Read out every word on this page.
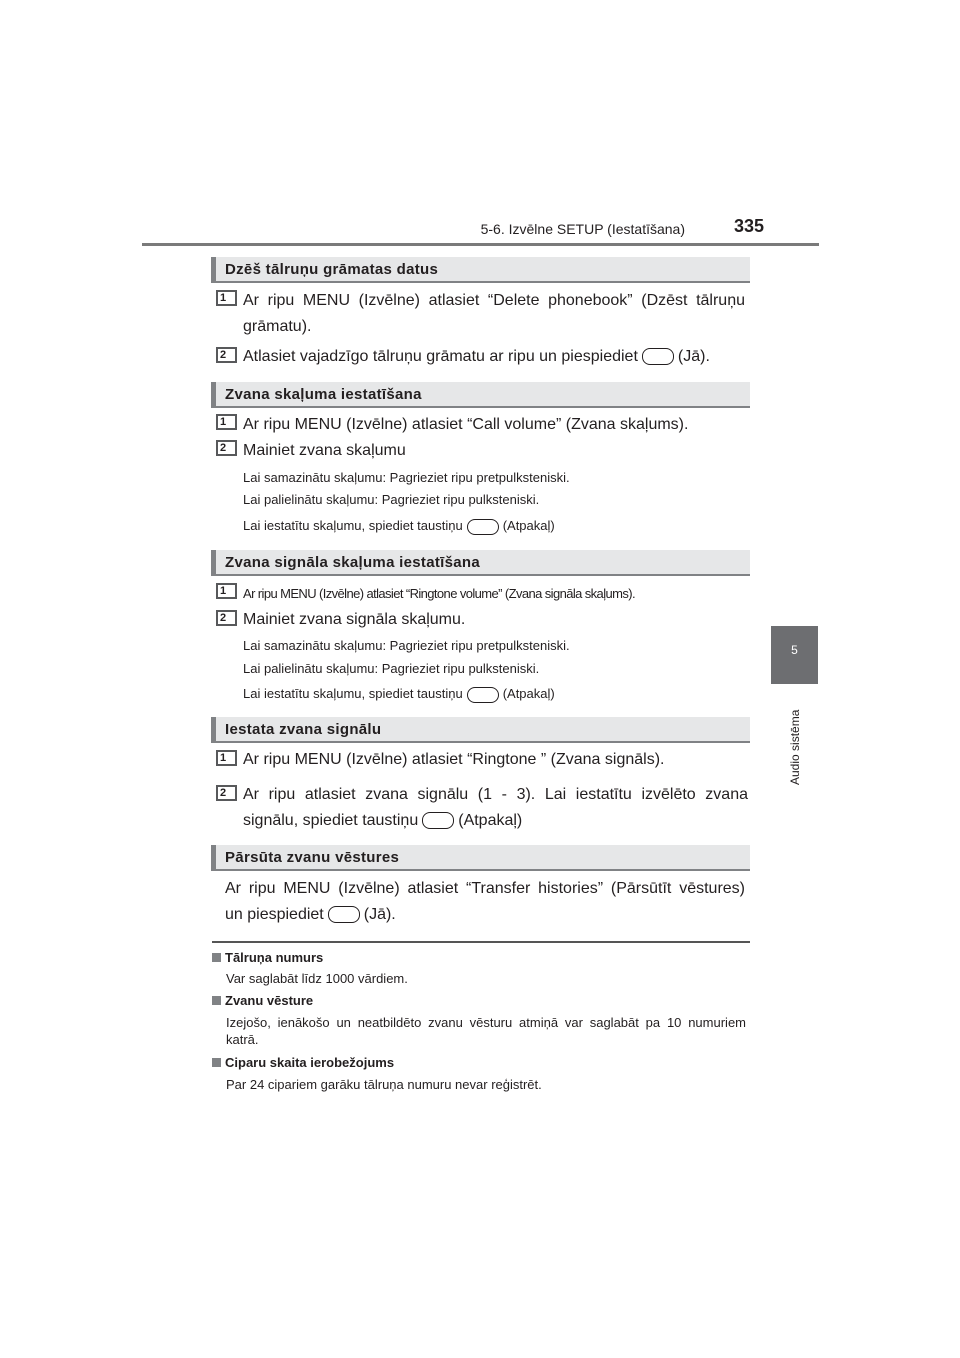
5-6. Izvēlne SETUP (Iestatīšana)	335
5
Audio sistēma
Dzēš tālruņu grāmatas datus
1	Ar ripu MENU (Izvēlne) atlasiet “Delete phonebook” (Dzēst tālruņu grāmatu).
2	Atlasiet vajadzīgo tālruņu grāmatu ar ripu un piespiediet	(Jā).
Zvana skaļuma iestatīšana
1	Ar ripu MENU (Izvēlne) atlasiet “Call volume” (Zvana skaļums).
2	Mainiet zvana skaļumu
Lai samazinātu skaļumu: Pagrieziet ripu pretpulksteniski.
Lai palielinātu skaļumu: Pagrieziet ripu pulksteniski.
Lai iestatītu skaļumu, spiediet taustiņu	(Atpakaļ)
Zvana signāla skaļuma iestatīšana
1	Ar ripu MENU (Izvēlne) atlasiet “Ringtone volume” (Zvana signāla skaļums).
2	Mainiet zvana signāla skaļumu.
Lai samazinātu skaļumu: Pagrieziet ripu pretpulksteniski.
Lai palielinātu skaļumu: Pagrieziet ripu pulksteniski.
Lai iestatītu skaļumu, spiediet taustiņu	(Atpakaļ)
Iestata zvana signālu
1	Ar ripu MENU (Izvēlne) atlasiet “Ringtone ” (Zvana signāls).
2	Ar ripu atlasiet zvana signālu (1 - 3). Lai iestatītu izvēlēto zvana
signālu, spiediet taustiņu	(Atpakaļ)
Pārsūta zvanu vēstures
Ar ripu MENU (Izvēlne) atlasiet “Transfer histories” (Pārsūtīt vēstures)
un piespiediet	(Jā).
Tālruņa numurs
Var saglabāt līdz 1000 vārdiem.
Zvanu vēsture
Izejošo, ienākošo un neatbildēto zvanu vēsturu atmiņā var saglabāt pa 10 numuriem katrā.
Ciparu skaita ierobežojums
Par 24 cipariem garāku tālruņa numuru nevar reģistrēt.
